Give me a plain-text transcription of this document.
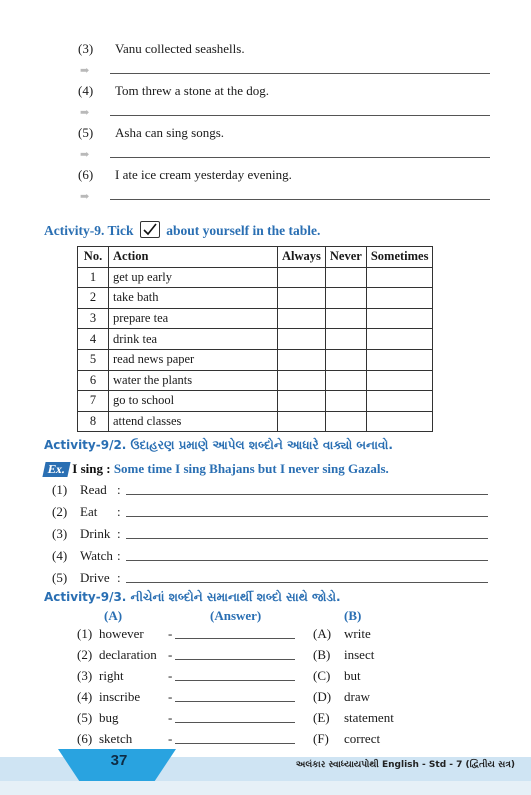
(3) Vanu collected seashells.
➡
(4) Tom threw a stone at the dog.
➡
(5) Asha can sing songs.
➡
(6) I ate ice cream yesterday evening.
➡
Activity-9. Tick about yourself in the table.
No.	Action	Always	Never	Sometimes
1	get up early			
2	take bath			
3	prepare tea			
4	drink tea			
5	read news paper			
6	water the plants			
7	go to school			
8	attend classes			
Activity-9/2. ઉદાહરણ પ્રમાણે આપેલ શબ્દોને આધારે વાક્યો બનાવો.
Ex. I sing : Some time I sing Bhajans but I never sing Gazals.
(1) Read :
(2) Eat :
(3) Drink :
(4) Watch :
(5) Drive :
Activity-9/3. નીચેનાં શબ્દોને સમાનાર્થી શબ્દો સાથે જોડો.
(A)	(Answer)	(B)
(1) however -	(A) write
(2) declaration -	(B) insect
(3) right	-	(C) but
(4) inscribe -	(D) draw
(5) bug	-	(E) statement
(6) sketch	-	(F) correct
37	અલંકાર સ્વાધ્યાયપોથી English - Std - 7 (દ્વિતીય સત્ર)
